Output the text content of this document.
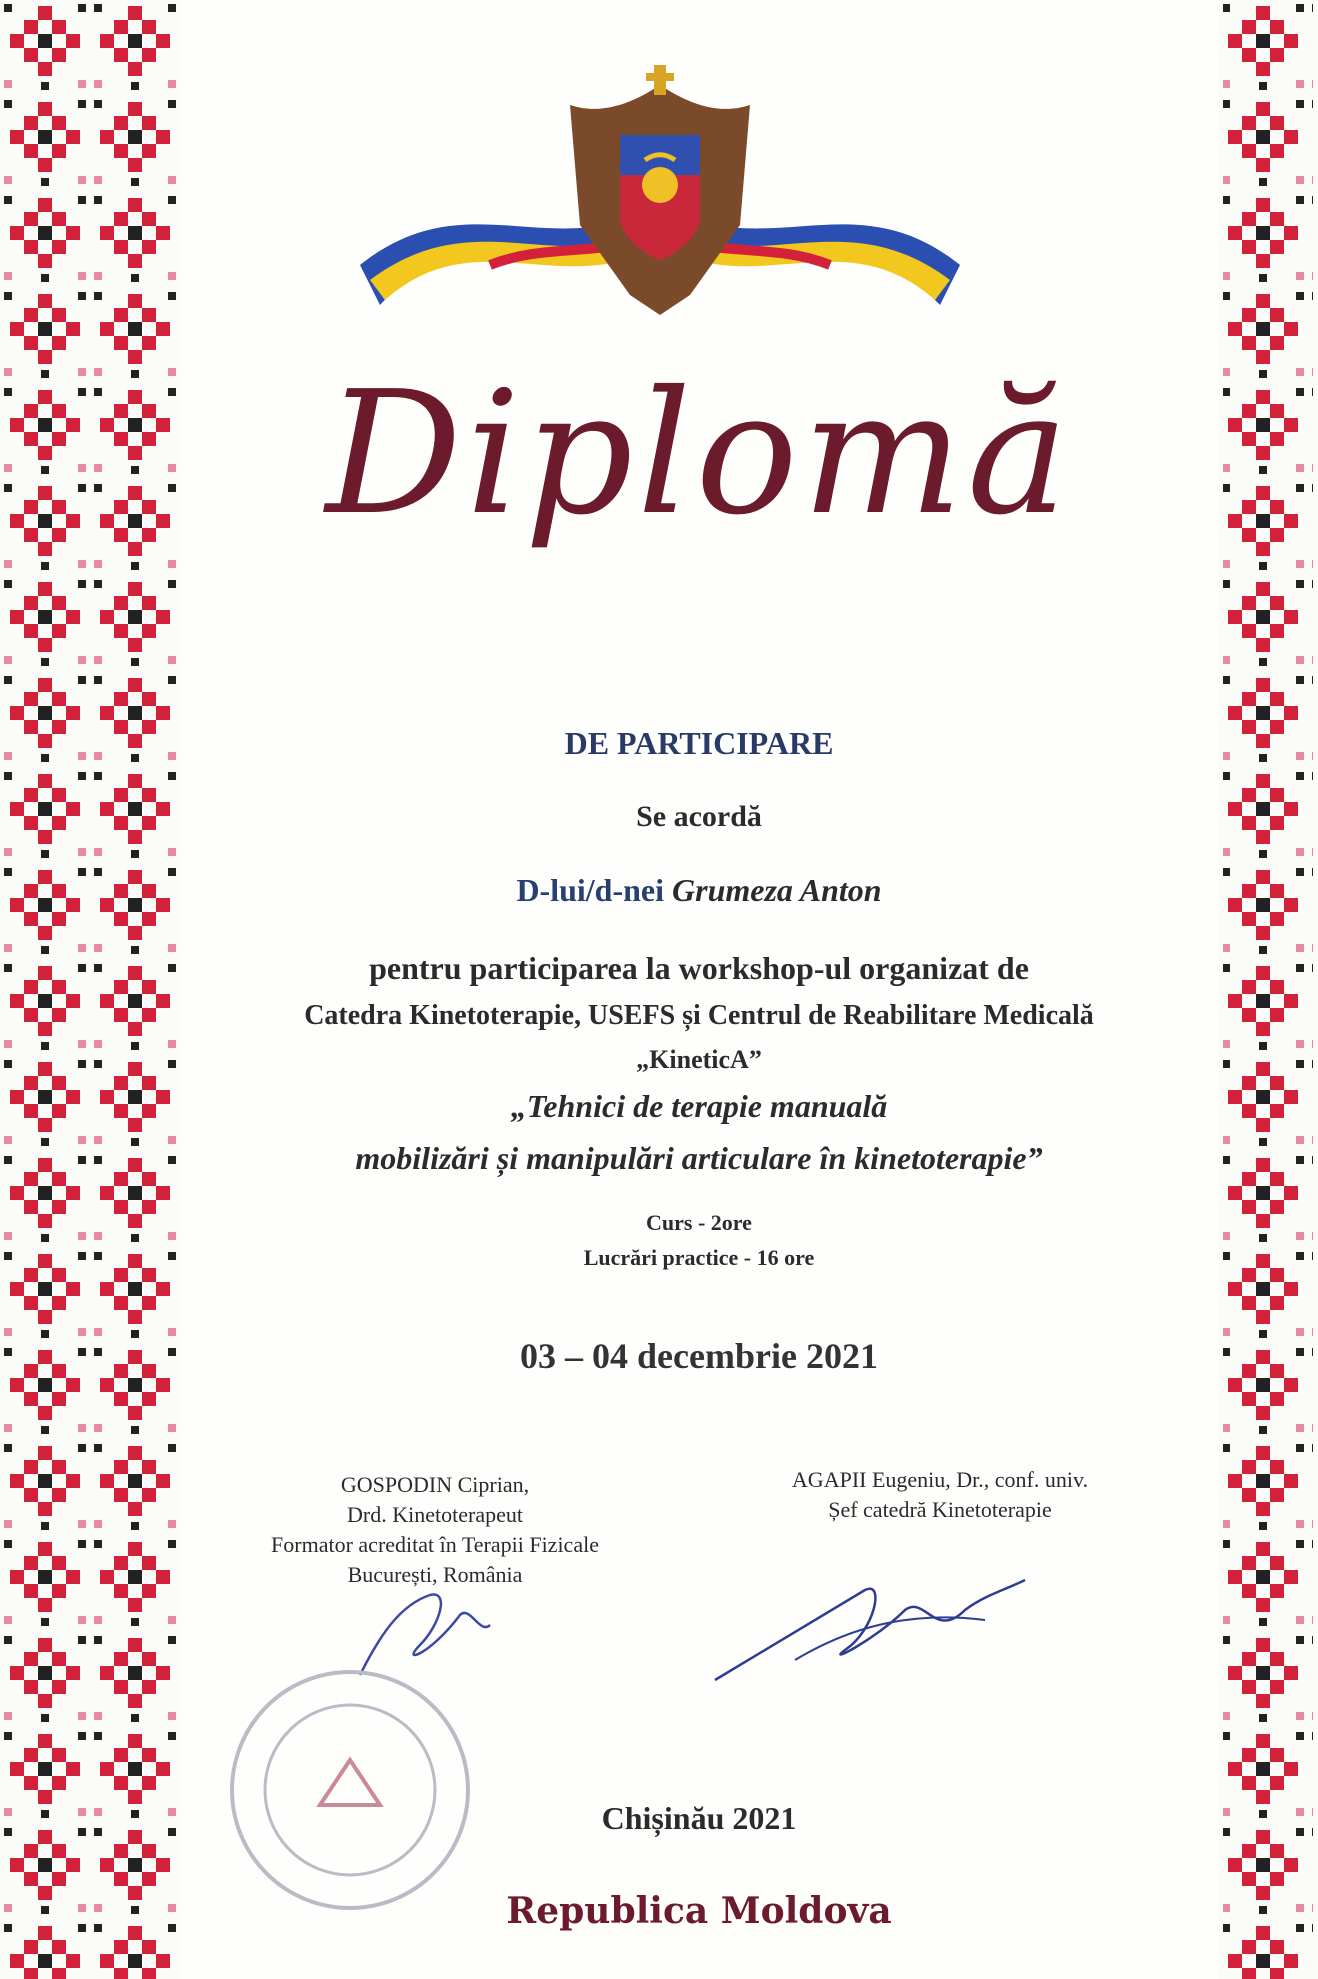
Diplomă
DE PARTICIPARE
Se acordă
D-lui/d-nei Grumeza Anton
pentru participarea la workshop-ul organizat de
Catedra Kinetoterapie, USEFS și Centrul de Reabilitare Medicală
„KineticA”
„Tehnici de terapie manuală
mobilizări și manipulări articulare în kinetoterapie”
Curs - 2ore
Lucrări practice - 16 ore
03 – 04 decembrie 2021
GOSPODIN Ciprian,
Drd. Kinetoterapeut
Formator acreditat în Terapii Fizicale
București, România
AGAPII Eugeniu, Dr., conf. univ.
Șef catedră Kinetoterapie
Chișinău 2021
Republica Moldova
